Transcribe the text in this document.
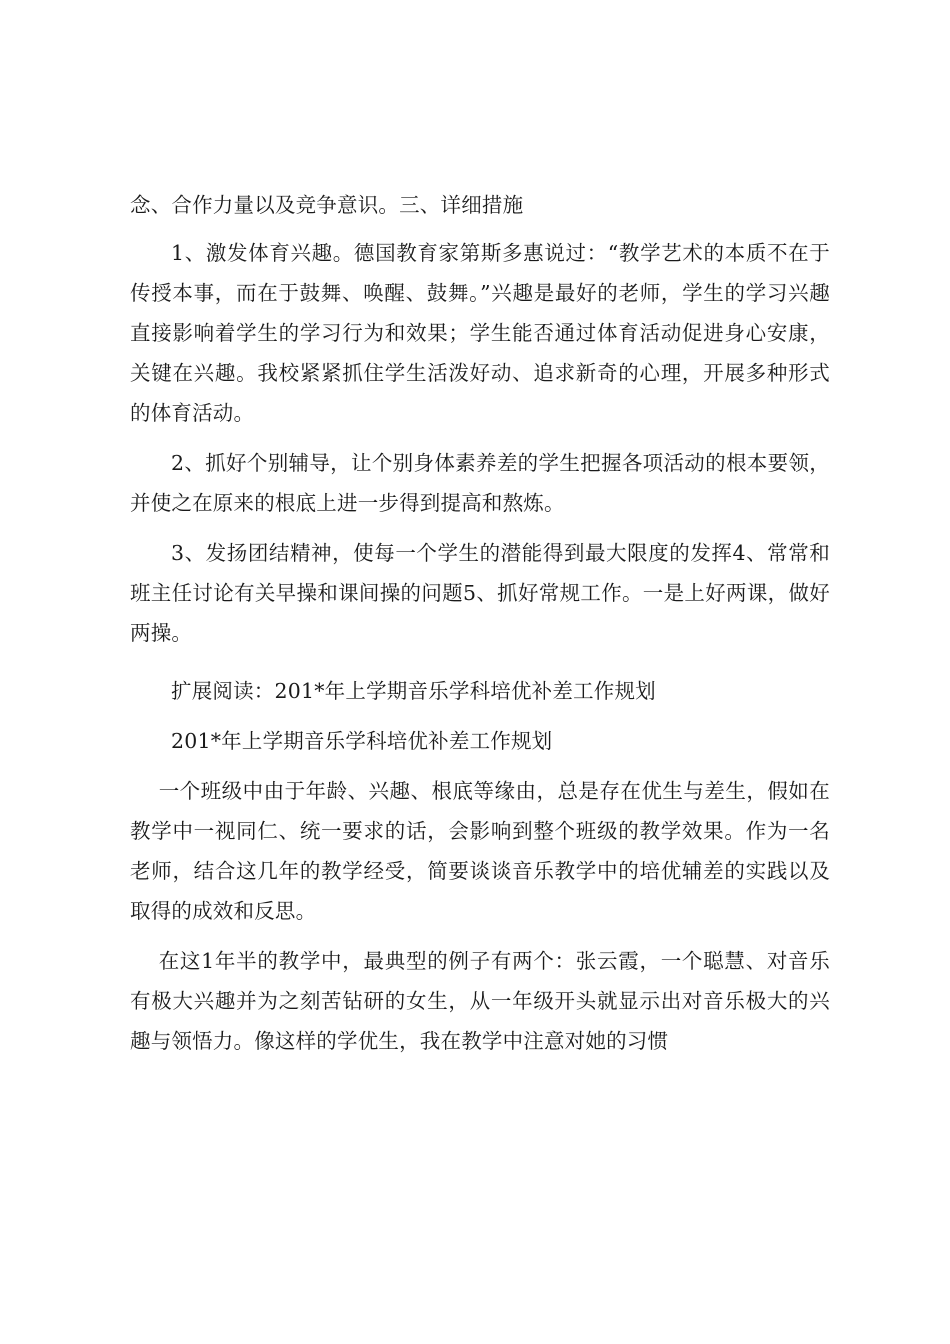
念、合作力量以及竞争意识。三、详细措施

1、激发体育兴趣。德国教育家第斯多惠说过：“教学艺术的本质不在于传授本事，而在于鼓舞、唤醒、鼓舞。”兴趣是最好的老师，学生的学习兴趣直接影响着学生的学习行为和效果；学生能否通过体育活动促进身心安康，关键在兴趣。我校紧紧抓住学生活泼好动、追求新奇的心理，开展多种形式的体育活动。

2、抓好个别辅导，让个别身体素养差的学生把握各项活动的根本要领，并使之在原来的根底上进一步得到提高和熬炼。

3、发扬团结精神，使每一个学生的潜能得到最大限度的发挥4、常常和班主任讨论有关早操和课间操的问题5、抓好常规工作。一是上好两课，做好两操。

扩展阅读：201*年上学期音乐学科培优补差工作规划

201*年上学期音乐学科培优补差工作规划

一个班级中由于年龄、兴趣、根底等缘由，总是存在优生与差生，假如在教学中一视同仁、统一要求的话，会影响到整个班级的教学效果。作为一名老师，结合这几年的教学经受，简要谈谈音乐教学中的培优辅差的实践以及取得的成效和反思。

在这1年半的教学中，最典型的例子有两个：张云霞，一个聪慧、对音乐有极大兴趣并为之刻苦钻研的女生，从一年级开头就显示出对音乐极大的兴趣与领悟力。像这样的学优生，我在教学中注意对她的习惯
